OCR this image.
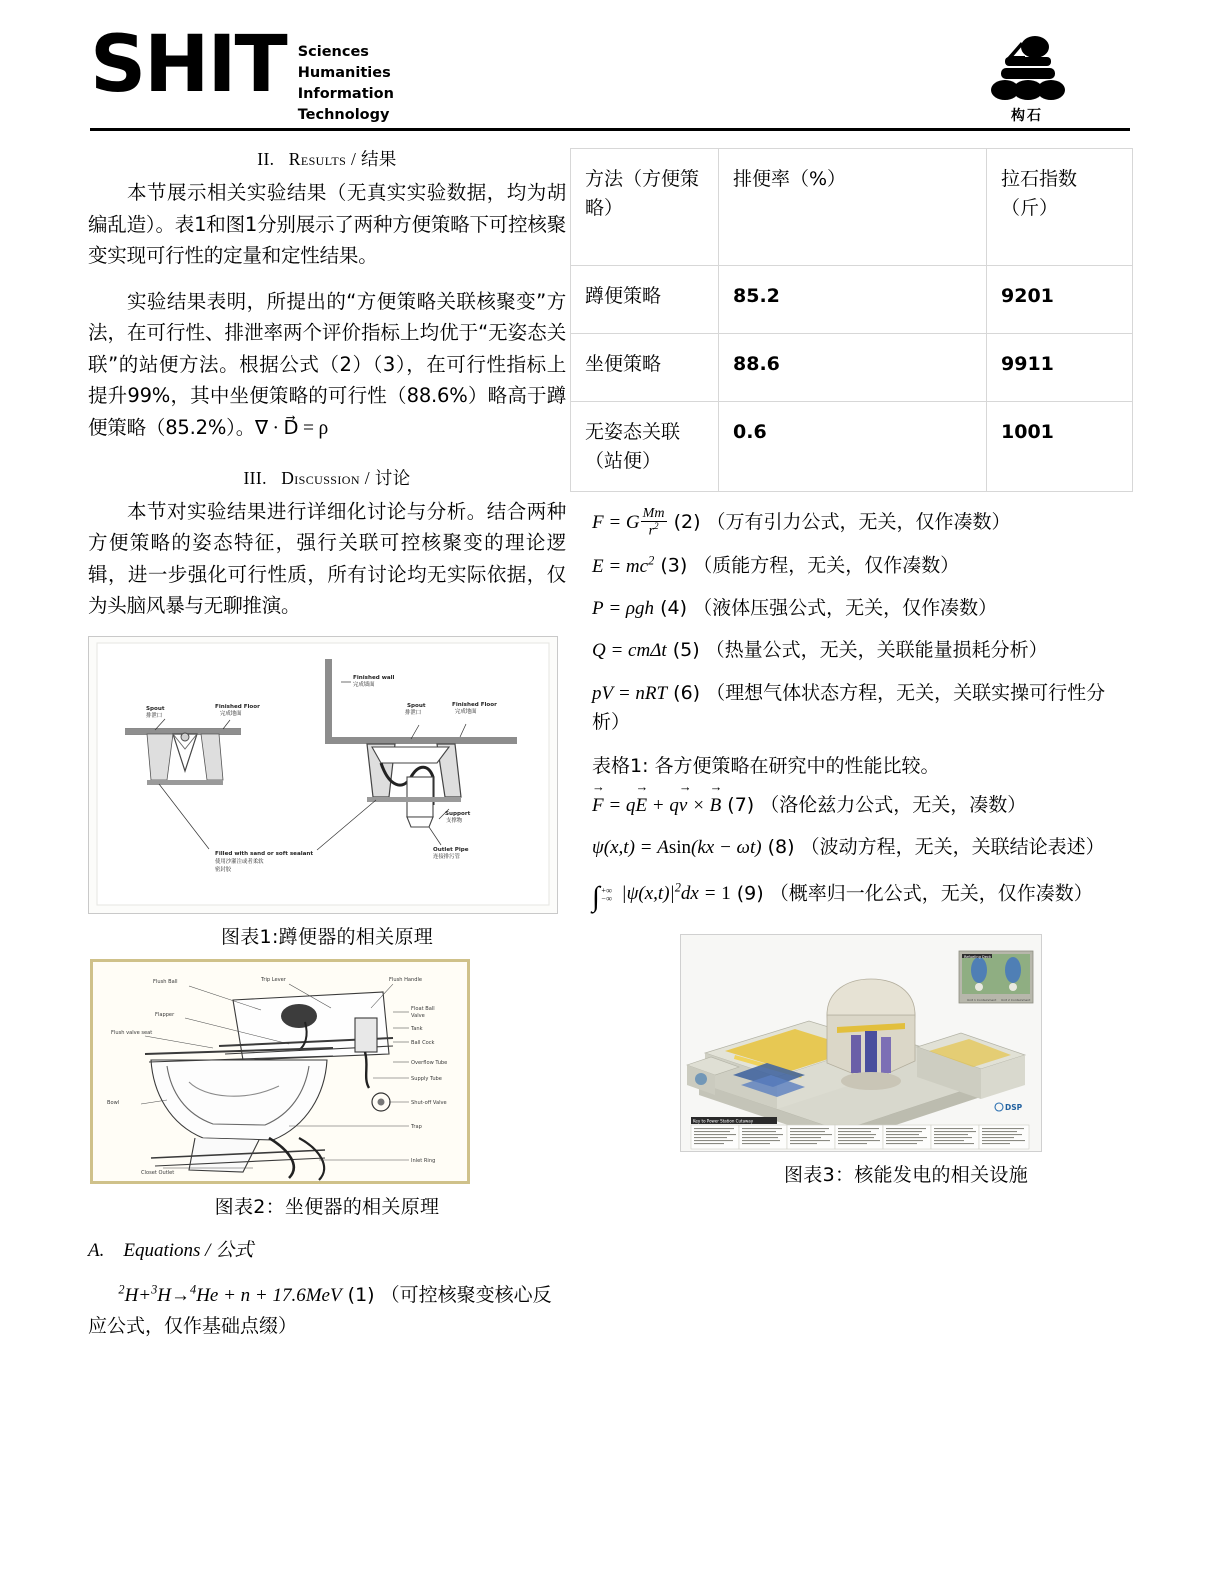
SHIT Sciences
Humanities
Information
Technology	构石
II. Results / 结果

本节展示相关实验结果（无真实实验数据，均为胡编乱造）。表1和图1分别展示了两种方便策略下可控核聚变实现可行性的定量和定性结果。

实验结果表明，所提出的“方便策略关联核聚变”方法，在可行性、排泄率两个评价指标上均优于“无姿态关联”的站便方法。根据公式（2）（3），在可行性指标上提升99%，其中坐便策略的可行性（88.6%）略高于蹲便策略（85.2%）。∇ · D⃗ = ρ

III. Discussion / 讨论

本节对实验结果进行详细化讨论与分析。结合两种方便策略的姿态特征，强行关联可控核聚变的理论逻辑，进一步强化可行性质，所有讨论均无实际依据，仅为头脑风暴与无聊推演。

Spout
排泄口
Finished Floor
完成地面
Finished wall
完成墙面
Spout
排泄口
Finished Floor
完成地面
Support
支撑物
Outlet Pipe
连接排污管
Filled with sand or soft sealant
使用沙灌注或者柔软
密封胶
图表1:蹲便器的相关原理
Flush Ball	Trip Lever	Flush Handle
Flapper
Flush valve seat
Float Ball
Valve
Tank
Ball Cock
Overflow Tube
Supply Tube
Shut-off Valve
Trap
Inlet Ring
Bowl
Closet Outlet
图表2：坐便器的相关原理
A. Equations / 公式

$^2$H+$^3$H→$^4$He + n + 17.6MeV (1) （可控核聚变核心反应公式，仅作基础点缀）

方法（方便策略）	排便率（%）	拉石指数（斤）
蹲便策略	85.2	9201
坐便策略	88.6	9911
无姿态关联（站便）	0.6	1001
F = G $\frac{Mm}{r^2} (2)$ （万有引力公式，无关，仅作凑数）
$E = mc^2$ (3) （质能方程，无关，仅作凑数）
P = ρgh (4) （液体压强公式，无关，仅作凑数）
Q = cmΔt (5) （热量公式，无关，关联能量损耗分析）
pV = nRT (6) （理想气体状态方程，无关，关联实操可行性分析）
表格1: 各方便策略在研究中的性能比较。
F → = qE → + qv → × B → (7) （洛伦兹力公式，无关，凑数）
ψ(x,t) = Asin(kx − ωt) (8) （波动方程，无关，关联结论表述）
∫ +∞
−∞ $|\psi(x,t)|^2dx = 1$ (9) （概率归一化公式，无关，仅作凑数）
Refueling Deck
Unit 1 Containment Unit 2 Containment
DSP
Key to Power Station Cutaway
图表3：核能发电的相关设施
